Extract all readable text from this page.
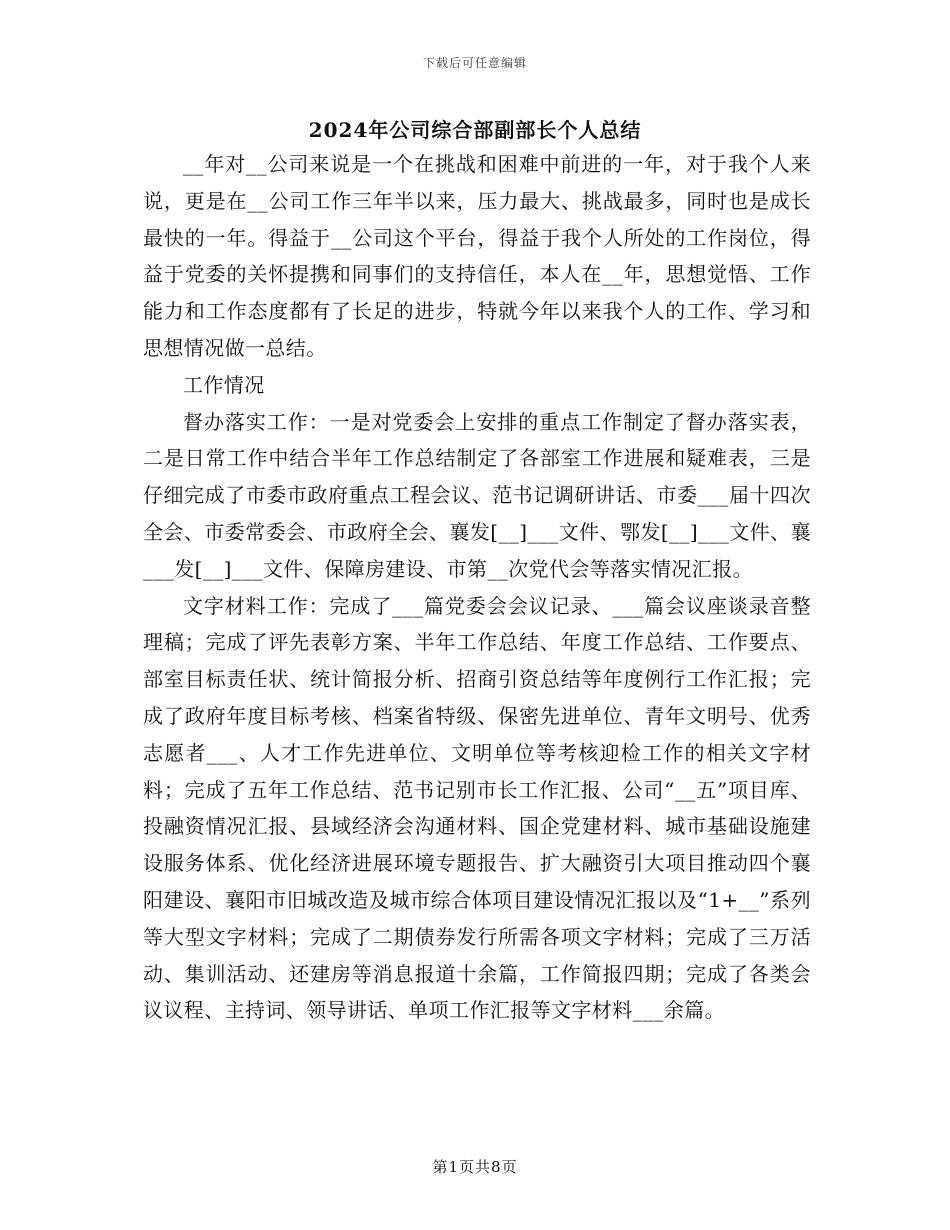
下载后可任意编辑
2024年公司综合部副部长个人总结

__年对__公司来说是一个在挑战和困难中前进的一年，对于我个人来说，更是在__公司工作三年半以来，压力最大、挑战最多，同时也是成长最快的一年。得益于__公司这个平台，得益于我个人所处的工作岗位，得益于党委的关怀提携和同事们的支持信任，本人在__年，思想觉悟、工作能力和工作态度都有了长足的进步，特就今年以来我个人的工作、学习和思想情况做一总结。

工作情况

督办落实工作：一是对党委会上安排的重点工作制定了督办落实表，二是日常工作中结合半年工作总结制定了各部室工作进展和疑难表，三是仔细完成了市委市政府重点工程会议、范书记调研讲话、市委___届十四次全会、市委常委会、市政府全会、襄发[__]___文件、鄂发[__]___文件、襄___发[__]___文件、保障房建设、市第__次党代会等落实情况汇报。

文字材料工作：完成了___篇党委会会议记录、___篇会议座谈录音整理稿；完成了评先表彰方案、半年工作总结、年度工作总结、工作要点、部室目标责任状、统计简报分析、招商引资总结等年度例行工作汇报；完成了政府年度目标考核、档案省特级、保密先进单位、青年文明号、优秀志愿者___、人才工作先进单位、文明单位等考核迎检工作的相关文字材料；完成了五年工作总结、范书记别市长工作汇报、公司“__五”项目库、投融资情况汇报、县域经济会沟通材料、国企党建材料、城市基础设施建设服务体系、优化经济进展环境专题报告、扩大融资引大项目推动四个襄阳建设、襄阳市旧城改造及城市综合体项目建设情况汇报以及“1+__”系列等大型文字材料；完成了二期债券发行所需各项文字材料；完成了三万活动、集训活动、还建房等消息报道十余篇，工作简报四期；完成了各类会议议程、主持词、领导讲话、单项工作汇报等文字材料___余篇。

第1页共8页
